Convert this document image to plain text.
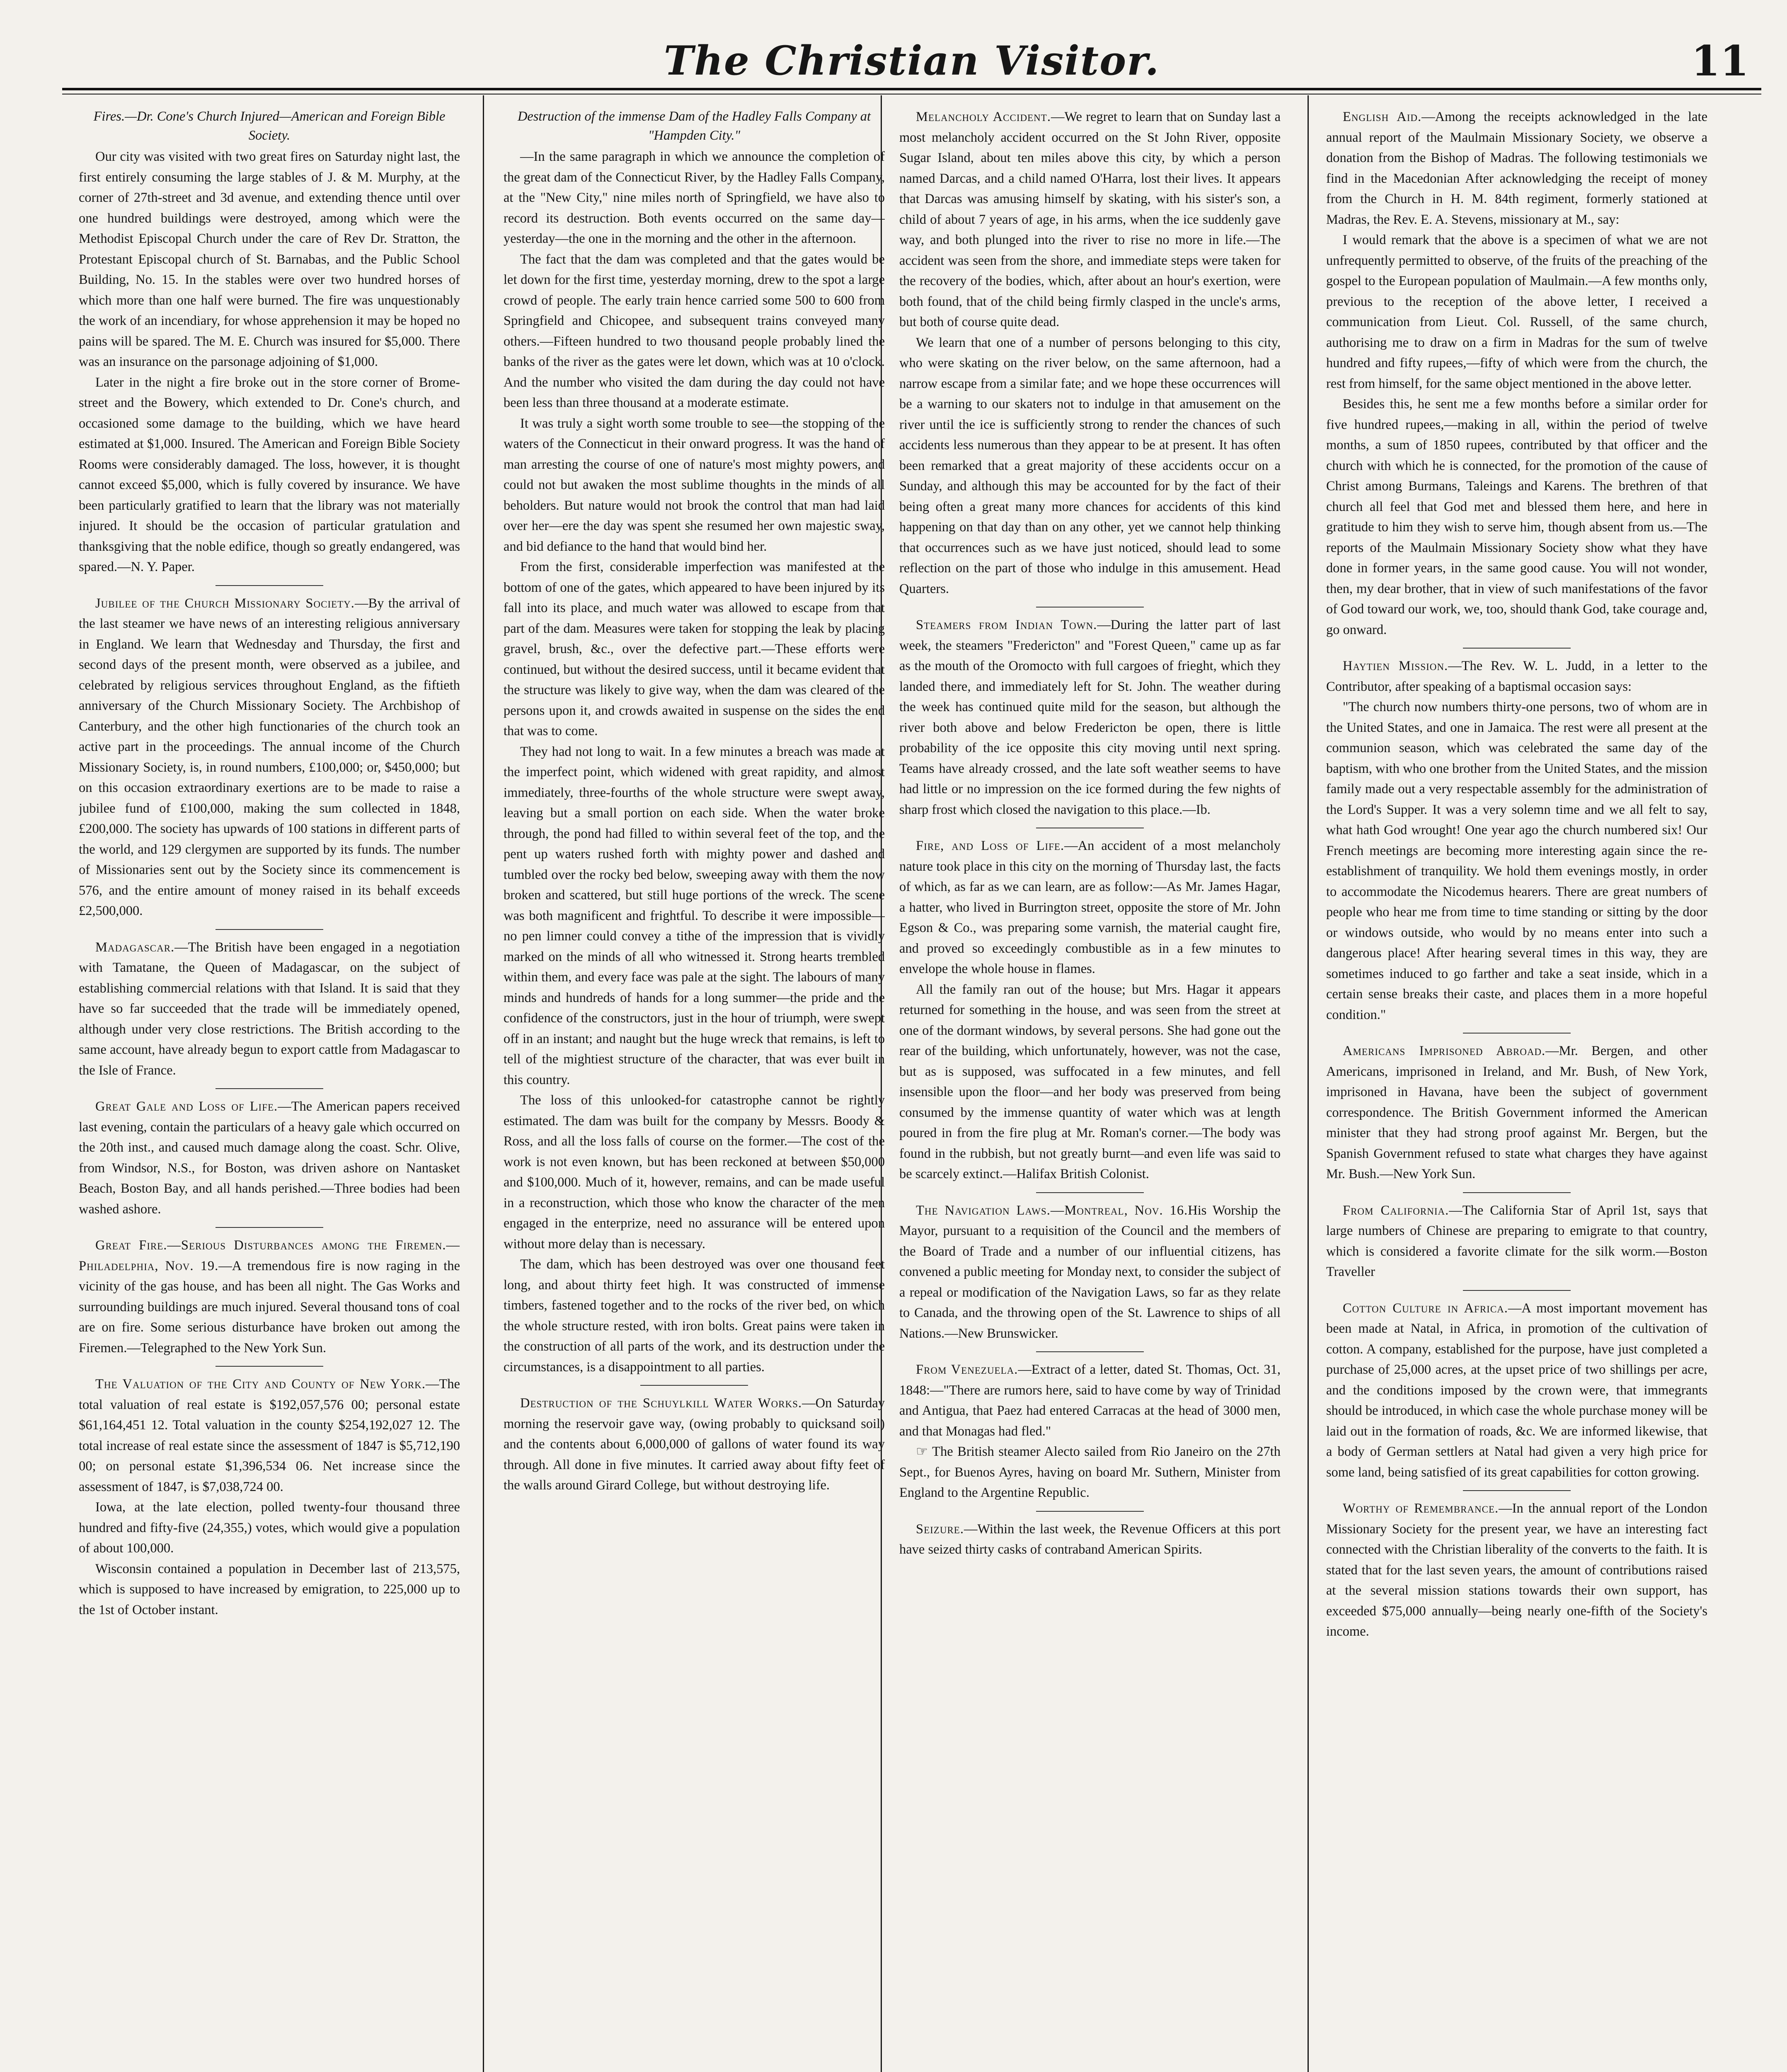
The Christian Visitor.	11
Fires.—Dr. Cone's Church Injured—American and Foreign Bible Society.

Our city was visited with two great fires on Saturday night last, the first entirely consuming the large stables of J. & M. Murphy, at the corner of 27th-street and 3d avenue, and extending thence until over one hundred buildings were destroyed, among which were the Methodist Episcopal Church under the care of Rev Dr. Stratton, the Protestant Episcopal church of St. Barnabas, and the Public School Building, No. 15. In the stables were over two hundred horses of which more than one half were burned. The fire was unquestionably the work of an incendiary, for whose apprehension it may be hoped no pains will be spared. The M. E. Church was insured for $5,000. There was an insurance on the parsonage adjoining of $1,000.

Later in the night a fire broke out in the store corner of Brome-street and the Bowery, which extended to Dr. Cone's church, and occasioned some damage to the building, which we have heard estimated at $1,000. Insured. The American and Foreign Bible Society Rooms were considerably damaged. The loss, however, it is thought cannot exceed $5,000, which is fully covered by insurance. We have been particularly gratified to learn that the library was not materially injured. It should be the occasion of particular gratulation and thanksgiving that the noble edifice, though so greatly endangered, was spared.—N. Y. Paper.

Jubilee of the Church Missionary Society.—By the arrival of the last steamer we have news of an interesting religious anniversary in England. We learn that Wednesday and Thursday, the first and second days of the present month, were observed as a jubilee, and celebrated by religious services throughout England, as the fiftieth anniversary of the Church Missionary Society. The Archbishop of Canterbury, and the other high functionaries of the church took an active part in the proceedings. The annual income of the Church Missionary Society, is, in round numbers, £100,000; or, $450,000; but on this occasion extraordinary exertions are to be made to raise a jubilee fund of £100,000, making the sum collected in 1848, £200,000. The society has upwards of 100 stations in different parts of the world, and 129 clergymen are supported by its funds. The number of Missionaries sent out by the Society since its commencement is 576, and the entire amount of money raised in its behalf exceeds £2,500,000.

Madagascar.—The British have been engaged in a negotiation with Tamatane, the Queen of Madagascar, on the subject of establishing commercial relations with that Island. It is said that they have so far succeeded that the trade will be immediately opened, although under very close restrictions. The British according to the same account, have already begun to export cattle from Madagascar to the Isle of France.

Great Gale and Loss of Life.—The American papers received last evening, contain the particulars of a heavy gale which occurred on the 20th inst., and caused much damage along the coast. Schr. Olive, from Windsor, N.S., for Boston, was driven ashore on Nantasket Beach, Boston Bay, and all hands perished.—Three bodies had been washed ashore.

Great Fire.—Serious Disturbances among the Firemen.—Philadelphia, Nov. 19.—A tremendous fire is now raging in the vicinity of the gas house, and has been all night. The Gas Works and surrounding buildings are much injured. Several thousand tons of coal are on fire. Some serious disturbance have broken out among the Firemen.—Telegraphed to the New York Sun.

The Valuation of the City and County of New York.—The total valuation of real estate is $192,057,576 00; personal estate $61,164,451 12. Total valuation in the county $254,192,027 12. The total increase of real estate since the assessment of 1847 is $5,712,190 00; on personal estate $1,396,534 06. Net increase since the assessment of 1847, is $7,038,724 00.

Iowa, at the late election, polled twenty-four thousand three hundred and fifty-five (24,355,) votes, which would give a population of about 100,000.

Wisconsin contained a population in December last of 213,575, which is supposed to have increased by emigration, to 225,000 up to the 1st of October instant.

Destruction of the immense Dam of the Hadley Falls Company at "Hampden City."

—In the same paragraph in which we announce the completion of the great dam of the Connecticut River, by the Hadley Falls Company, at the "New City," nine miles north of Springfield, we have also to record its destruction. Both events occurred on the same day—yesterday—the one in the morning and the other in the afternoon.

The fact that the dam was completed and that the gates would be let down for the first time, yesterday morning, drew to the spot a large crowd of people. The early train hence carried some 500 to 600 from Springfield and Chicopee, and subsequent trains conveyed many others.—Fifteen hundred to two thousand people probably lined the banks of the river as the gates were let down, which was at 10 o'clock. And the number who visited the dam during the day could not have been less than three thousand at a moderate estimate.

It was truly a sight worth some trouble to see—the stopping of the waters of the Connecticut in their onward progress. It was the hand of man arresting the course of one of nature's most mighty powers, and could not but awaken the most sublime thoughts in the minds of all beholders. But nature would not brook the control that man had laid over her—ere the day was spent she resumed her own majestic sway, and bid defiance to the hand that would bind her.

From the first, considerable imperfection was manifested at the bottom of one of the gates, which appeared to have been injured by its fall into its place, and much water was allowed to escape from that part of the dam. Measures were taken for stopping the leak by placing gravel, brush, &c., over the defective part.—These efforts were continued, but without the desired success, until it became evident that the structure was likely to give way, when the dam was cleared of the persons upon it, and crowds awaited in suspense on the sides the end that was to come.

They had not long to wait. In a few minutes a breach was made at the imperfect point, which widened with great rapidity, and almost immediately, three-fourths of the whole structure were swept away, leaving but a small portion on each side. When the water broke through, the pond had filled to within several feet of the top, and the pent up waters rushed forth with mighty power and dashed and tumbled over the rocky bed below, sweeping away with them the now broken and scattered, but still huge portions of the wreck. The scene was both magnificent and frightful. To describe it were impossible—no pen limner could convey a tithe of the impression that is vividly marked on the minds of all who witnessed it. Strong hearts trembled within them, and every face was pale at the sight. The labours of many minds and hundreds of hands for a long summer—the pride and the confidence of the constructors, just in the hour of triumph, were swept off in an instant; and naught but the huge wreck that remains, is left to tell of the mightiest structure of the character, that was ever built in this country.

The loss of this unlooked-for catastrophe cannot be rightly estimated. The dam was built for the company by Messrs. Boody & Ross, and all the loss falls of course on the former.—The cost of the work is not even known, but has been reckoned at between $50,000 and $100,000. Much of it, however, remains, and can be made useful in a reconstruction, which those who know the character of the men engaged in the enterprize, need no assurance will be entered upon without more delay than is necessary.

The dam, which has been destroyed was over one thousand feet long, and about thirty feet high. It was constructed of immense timbers, fastened together and to the rocks of the river bed, on which the whole structure rested, with iron bolts. Great pains were taken in the construction of all parts of the work, and its destruction under the circumstances, is a disappointment to all parties.

Destruction of the Schuylkill Water Works.—On Saturday morning the reservoir gave way, (owing probably to quicksand soil) and the contents about 6,000,000 of gallons of water found its way through. All done in five minutes. It carried away about fifty feet of the walls around Girard College, but without destroying life.

Melancholy Accident.—We regret to learn that on Sunday last a most melancholy accident occurred on the St John River, opposite Sugar Island, about ten miles above this city, by which a person named Darcas, and a child named O'Harra, lost their lives. It appears that Darcas was amusing himself by skating, with his sister's son, a child of about 7 years of age, in his arms, when the ice suddenly gave way, and both plunged into the river to rise no more in life.—The accident was seen from the shore, and immediate steps were taken for the recovery of the bodies, which, after about an hour's exertion, were both found, that of the child being firmly clasped in the uncle's arms, but both of course quite dead.

We learn that one of a number of persons belonging to this city, who were skating on the river below, on the same afternoon, had a narrow escape from a similar fate; and we hope these occurrences will be a warning to our skaters not to indulge in that amusement on the river until the ice is sufficiently strong to render the chances of such accidents less numerous than they appear to be at present. It has often been remarked that a great majority of these accidents occur on a Sunday, and although this may be accounted for by the fact of their being often a great many more chances for accidents of this kind happening on that day than on any other, yet we cannot help thinking that occurrences such as we have just noticed, should lead to some reflection on the part of those who indulge in this amusement. Head Quarters.

Steamers from Indian Town.—During the latter part of last week, the steamers "Fredericton" and "Forest Queen," came up as far as the mouth of the Oromocto with full cargoes of frieght, which they landed there, and immediately left for St. John. The weather during the week has continued quite mild for the season, but although the river both above and below Fredericton be open, there is little probability of the ice opposite this city moving until next spring. Teams have already crossed, and the late soft weather seems to have had little or no impression on the ice formed during the few nights of sharp frost which closed the navigation to this place.—Ib.

Fire, and Loss of Life.—An accident of a most melancholy nature took place in this city on the morning of Thursday last, the facts of which, as far as we can learn, are as follow:—As Mr. James Hagar, a hatter, who lived in Burrington street, opposite the store of Mr. John Egson & Co., was preparing some varnish, the material caught fire, and proved so exceedingly combustible as in a few minutes to envelope the whole house in flames.

All the family ran out of the house; but Mrs. Hagar it appears returned for something in the house, and was seen from the street at one of the dormant windows, by several persons. She had gone out the rear of the building, which unfortunately, however, was not the case, but as is supposed, was suffocated in a few minutes, and fell insensible upon the floor—and her body was preserved from being consumed by the immense quantity of water which was at length poured in from the fire plug at Mr. Roman's corner.—The body was found in the rubbish, but not greatly burnt—and even life was said to be scarcely extinct.—Halifax British Colonist.

The Navigation Laws.—Montreal, Nov. 16.His Worship the Mayor, pursuant to a requisition of the Council and the members of the Board of Trade and a number of our influential citizens, has convened a public meeting for Monday next, to consider the subject of a repeal or modification of the Navigation Laws, so far as they relate to Canada, and the throwing open of the St. Lawrence to ships of all Nations.—New Brunswicker.

From Venezuela.—Extract of a letter, dated St. Thomas, Oct. 31, 1848:—"There are rumors here, said to have come by way of Trinidad and Antigua, that Paez had entered Carracas at the head of 3000 men, and that Monagas had fled."

☞ The British steamer Alecto sailed from Rio Janeiro on the 27th Sept., for Buenos Ayres, having on board Mr. Suthern, Minister from England to the Argentine Republic.

Seizure.—Within the last week, the Revenue Officers at this port have seized thirty casks of contraband American Spirits.

English Aid.—Among the receipts acknowledged in the late annual report of the Maulmain Missionary Society, we observe a donation from the Bishop of Madras. The following testimonials we find in the Macedonian After acknowledging the receipt of money from the Church in H. M. 84th regiment, formerly stationed at Madras, the Rev. E. A. Stevens, missionary at M., say:

I would remark that the above is a specimen of what we are not unfrequently permitted to observe, of the fruits of the preaching of the gospel to the European population of Maulmain.—A few months only, previous to the reception of the above letter, I received a communication from Lieut. Col. Russell, of the same church, authorising me to draw on a firm in Madras for the sum of twelve hundred and fifty rupees,—fifty of which were from the church, the rest from himself, for the same object mentioned in the above letter.

Besides this, he sent me a few months before a similar order for five hundred rupees,—making in all, within the period of twelve months, a sum of 1850 rupees, contributed by that officer and the church with which he is connected, for the promotion of the cause of Christ among Burmans, Taleings and Karens. The brethren of that church all feel that God met and blessed them here, and here in gratitude to him they wish to serve him, though absent from us.—The reports of the Maulmain Missionary Society show what they have done in former years, in the same good cause. You will not wonder, then, my dear brother, that in view of such manifestations of the favor of God toward our work, we, too, should thank God, take courage and, go onward.

Haytien Mission.—The Rev. W. L. Judd, in a letter to the Contributor, after speaking of a baptismal occasion says:

"The church now numbers thirty-one persons, two of whom are in the United States, and one in Jamaica. The rest were all present at the communion season, which was celebrated the same day of the baptism, with who one brother from the United States, and the mission family made out a very respectable assembly for the administration of the Lord's Supper. It was a very solemn time and we all felt to say, what hath God wrought! One year ago the church numbered six! Our French meetings are becoming more interesting again since the re-establishment of tranquility. We hold them evenings mostly, in order to accommodate the Nicodemus hearers. There are great numbers of people who hear me from time to time standing or sitting by the door or windows outside, who would by no means enter into such a dangerous place! After hearing several times in this way, they are sometimes induced to go farther and take a seat inside, which in a certain sense breaks their caste, and places them in a more hopeful condition."

Americans Imprisoned Abroad.—Mr. Bergen, and other Americans, imprisoned in Ireland, and Mr. Bush, of New York, imprisoned in Havana, have been the subject of government correspondence. The British Government informed the American minister that they had strong proof against Mr. Bergen, but the Spanish Government refused to state what charges they have against Mr. Bush.—New York Sun.

From California.—The California Star of April 1st, says that large numbers of Chinese are preparing to emigrate to that country, which is considered a favorite climate for the silk worm.—Boston Traveller

Cotton Culture in Africa.—A most important movement has been made at Natal, in Africa, in promotion of the cultivation of cotton. A company, established for the purpose, have just completed a purchase of 25,000 acres, at the upset price of two shillings per acre, and the conditions imposed by the crown were, that immegrants should be introduced, in which case the whole purchase money will be laid out in the formation of roads, &c. We are informed likewise, that a body of German settlers at Natal had given a very high price for some land, being satisfied of its great capabilities for cotton growing.

Worthy of Remembrance.—In the annual report of the London Missionary Society for the present year, we have an interesting fact connected with the Christian liberality of the converts to the faith. It is stated that for the last seven years, the amount of contributions raised at the several mission stations towards their own support, has exceeded $75,000 annually—being nearly one-fifth of the Society's income.
